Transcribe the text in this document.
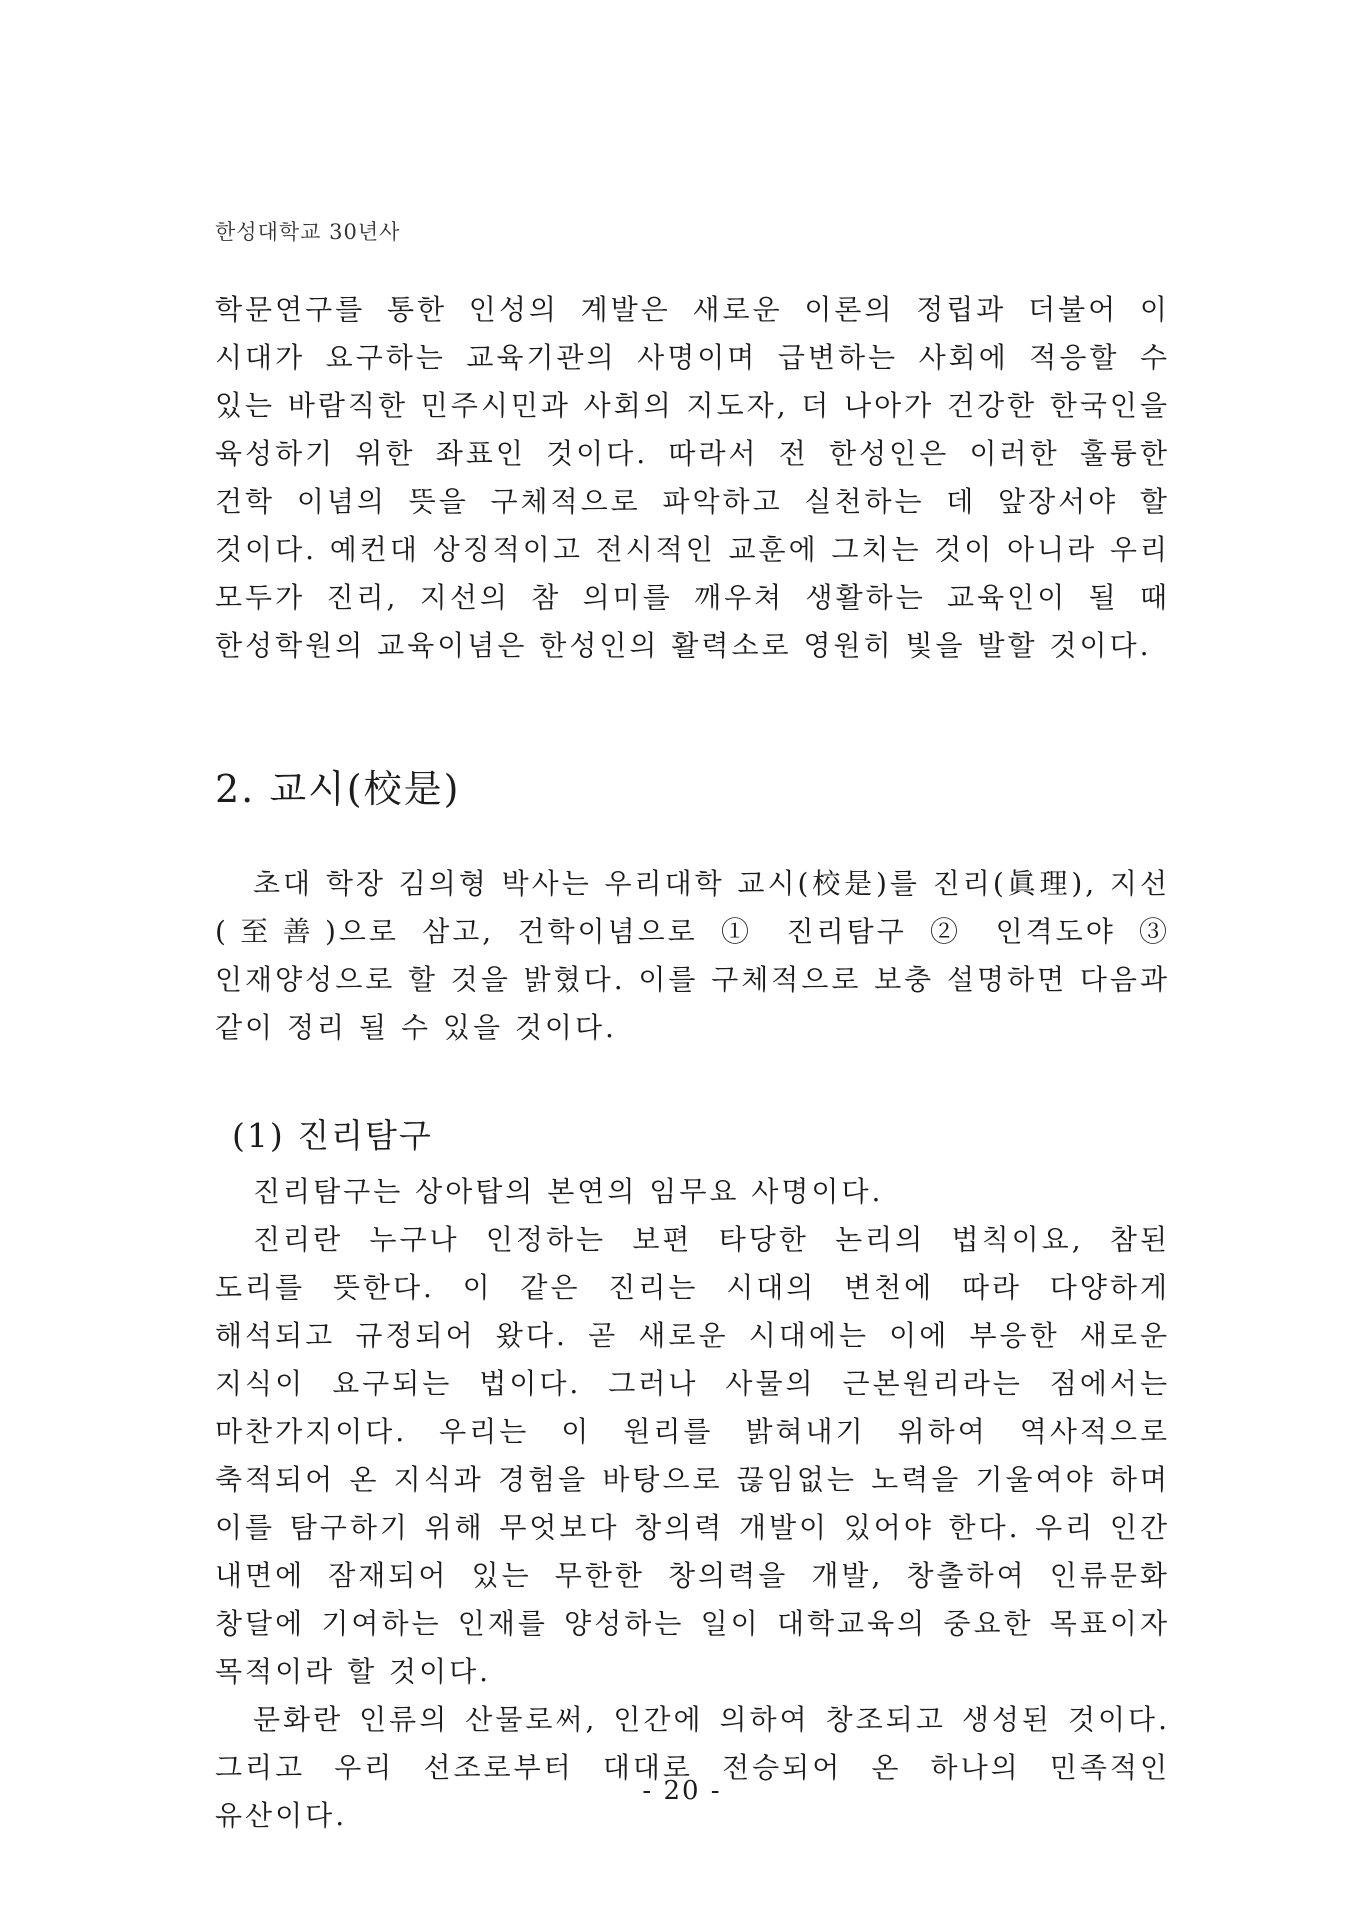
한성대학교 30년사

학문연구를 통한 인성의 계발은 새로운 이론의 정립과 더불어 이 시대가 요구하는 교육기관의 사명이며 급변하는 사회에 적응할 수 있는 바람직한 민주시민과 사회의 지도자, 더 나아가 건강한 한국인을 육성하기 위한 좌표인 것이다. 따라서 전 한성인은 이러한 훌륭한 건학 이념의 뜻을 구체적으로 파악하고 실천하는 데 앞장서야 할 것이다. 예컨대 상징적이고 전시적인 교훈에 그치는 것이 아니라 우리 모두가 진리, 지선의 참 의미를 깨우쳐 생활하는 교육인이 될 때 한성학원의 교육이념은 한성인의 활력소로 영원히 빛을 발할 것이다.

2. 교시(校是)

초대 학장 김의형 박사는 우리대학 교시(校是)를 진리(眞理), 지선(至善)으로 삼고, 건학이념으로 ① 진리탐구 ② 인격도야 ③ 인재양성으로 할 것을 밝혔다. 이를 구체적으로 보충 설명하면 다음과 같이 정리 될 수 있을 것이다.

(1) 진리탐구

진리탐구는 상아탑의 본연의 임무요 사명이다.

진리란 누구나 인정하는 보편 타당한 논리의 법칙이요, 참된 도리를 뜻한다. 이 같은 진리는 시대의 변천에 따라 다양하게 해석되고 규정되어 왔다. 곧 새로운 시대에는 이에 부응한 새로운 지식이 요구되는 법이다. 그러나 사물의 근본원리라는 점에서는 마찬가지이다. 우리는 이 원리를 밝혀내기 위하여 역사적으로 축적되어 온 지식과 경험을 바탕으로 끊임없는 노력을 기울여야 하며 이를 탐구하기 위해 무엇보다 창의력 개발이 있어야 한다. 우리 인간 내면에 잠재되어 있는 무한한 창의력을 개발, 창출하여 인류문화 창달에 기여하는 인재를 양성하는 일이 대학교육의 중요한 목표이자 목적이라 할 것이다.

문화란 인류의 산물로써, 인간에 의하여 창조되고 생성된 것이다. 그리고 우리 선조로부터 대대로 전승되어 온 하나의 민족적인 유산이다.

- 20 -
